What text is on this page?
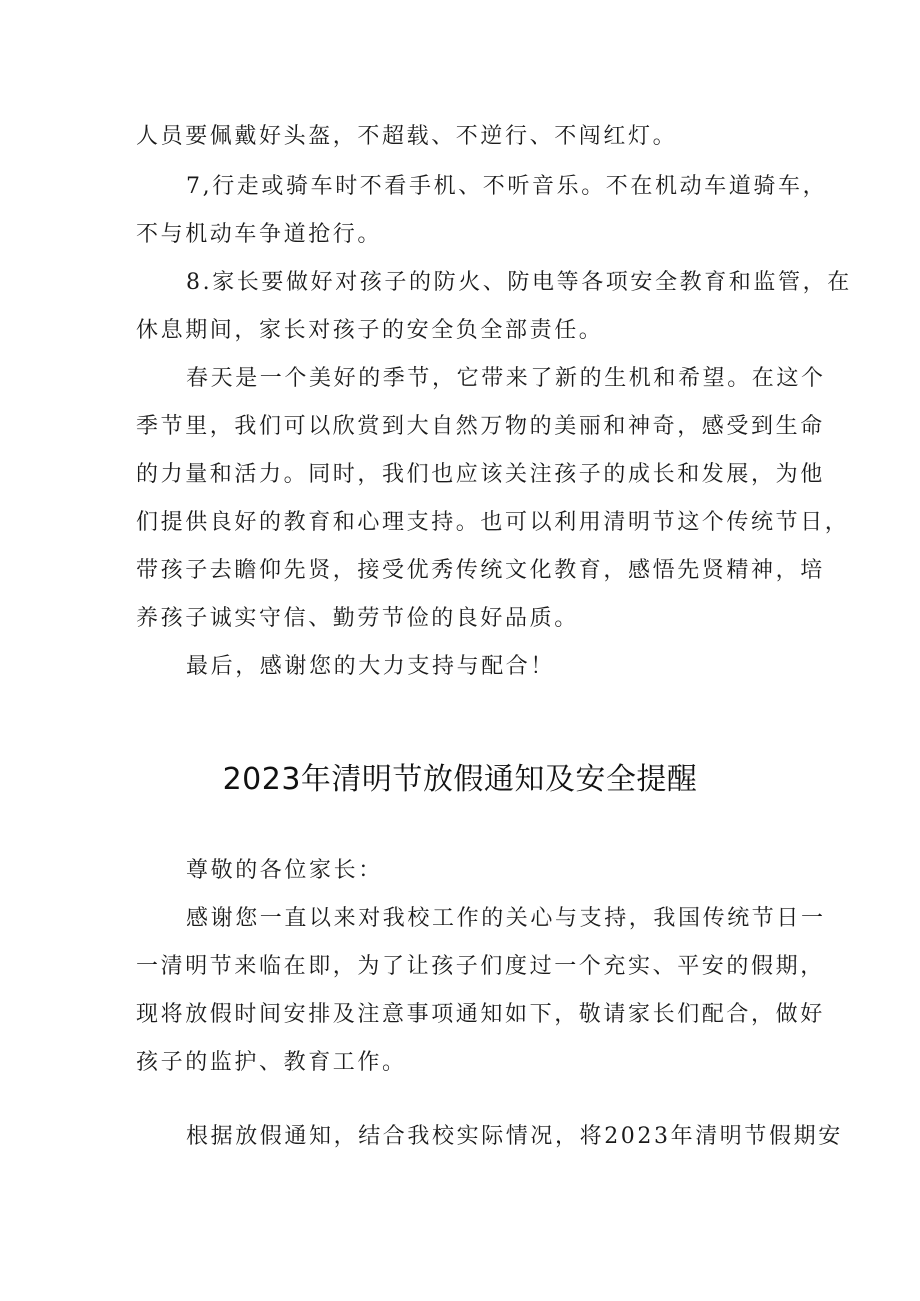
人员要佩戴好头盔，不超载、不逆行、不闯红灯。
7,行走或骑车时不看手机、不听音乐。不在机动车道骑车，
不与机动车争道抢行。
8.家长要做好对孩子的防火、防电等各项安全教育和监管，在
休息期间，家长对孩子的安全负全部责任。
春天是一个美好的季节，它带来了新的生机和希望。在这个
季节里，我们可以欣赏到大自然万物的美丽和神奇，感受到生命
的力量和活力。同时，我们也应该关注孩子的成长和发展，为他
们提供良好的教育和心理支持。也可以利用清明节这个传统节日，
带孩子去瞻仰先贤，接受优秀传统文化教育，感悟先贤精神，培
养孩子诚实守信、勤劳节俭的良好品质。
最后，感谢您的大力支持与配合！
2023年清明节放假通知及安全提醒
尊敬的各位家长：
感谢您一直以来对我校工作的关心与支持，我国传统节日一
一清明节来临在即，为了让孩子们度过一个充实、平安的假期，
现将放假时间安排及注意事项通知如下，敬请家长们配合，做好
孩子的监护、教育工作。
根据放假通知，结合我校实际情况，将2023年清明节假期安
